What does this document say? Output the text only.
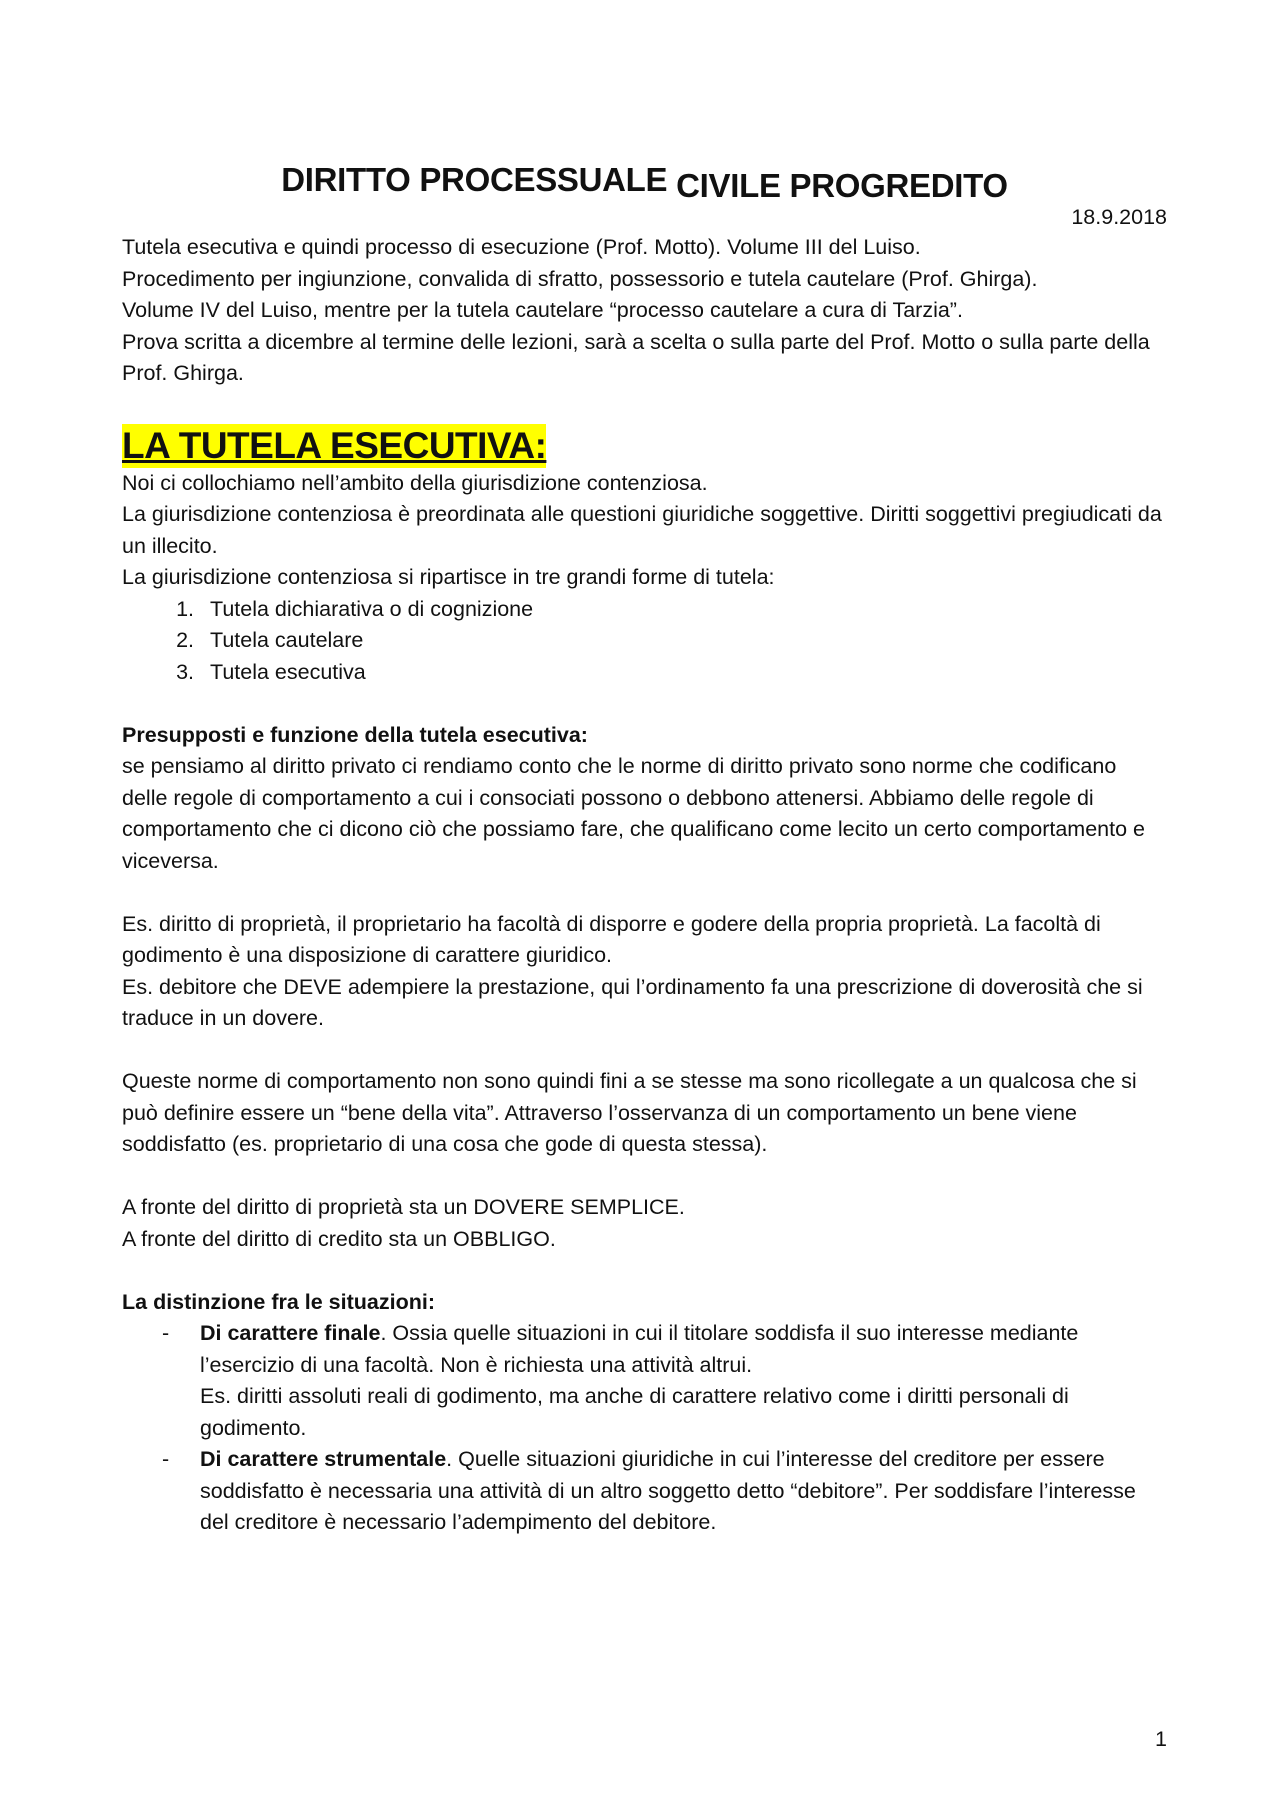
DIRITTO PROCESSUALE CIVILE PROGREDITO

18.9.2018

Tutela esecutiva e quindi processo di esecuzione (Prof. Motto). Volume III del Luiso.

Procedimento per ingiunzione, convalida di sfratto, possessorio e tutela cautelare (Prof. Ghirga).

Volume IV del Luiso, mentre per la tutela cautelare “processo cautelare a cura di Tarzia”.

Prova scritta a dicembre al termine delle lezioni, sarà a scelta o sulla parte del Prof. Motto o sulla parte della Prof. Ghirga.

LA TUTELA ESECUTIVA:

Noi ci collochiamo nell’ambito della giurisdizione contenziosa.

La giurisdizione contenziosa è preordinata alle questioni giuridiche soggettive. Diritti soggettivi pregiudicati da un illecito.

La giurisdizione contenziosa si ripartisce in tre grandi forme di tutela:

1. Tutela dichiarativa o di cognizione
2. Tutela cautelare
3. Tutela esecutiva

Presupposti e funzione della tutela esecutiva:

se pensiamo al diritto privato ci rendiamo conto che le norme di diritto privato sono norme che codificano delle regole di comportamento a cui i consociati possono o debbono attenersi. Abbiamo delle regole di comportamento che ci dicono ciò che possiamo fare, che qualificano come lecito un certo comportamento e viceversa.

Es. diritto di proprietà, il proprietario ha facoltà di disporre e godere della propria proprietà. La facoltà di godimento è una disposizione di carattere giuridico.

Es. debitore che DEVE adempiere la prestazione, qui l’ordinamento fa una prescrizione di doverosità che si traduce in un dovere.

Queste norme di comportamento non sono quindi fini a se stesse ma sono ricollegate a un qualcosa che si può definire essere un “bene della vita”. Attraverso l’osservanza di un comportamento un bene viene soddisfatto (es. proprietario di una cosa che gode di questa stessa).

A fronte del diritto di proprietà sta un DOVERE SEMPLICE.

A fronte del diritto di credito sta un OBBLIGO.

La distinzione fra le situazioni:

- Di carattere finale. Ossia quelle situazioni in cui il titolare soddisfa il suo interesse mediante l’esercizio di una facoltà. Non è richiesta una attività altrui.
Es. diritti assoluti reali di godimento, ma anche di carattere relativo come i diritti personali di godimento.
- Di carattere strumentale. Quelle situazioni giuridiche in cui l’interesse del creditore per essere soddisfatto è necessaria una attività di un altro soggetto detto “debitore”. Per soddisfare l’interesse del creditore è necessario l’adempimento del debitore.
1
